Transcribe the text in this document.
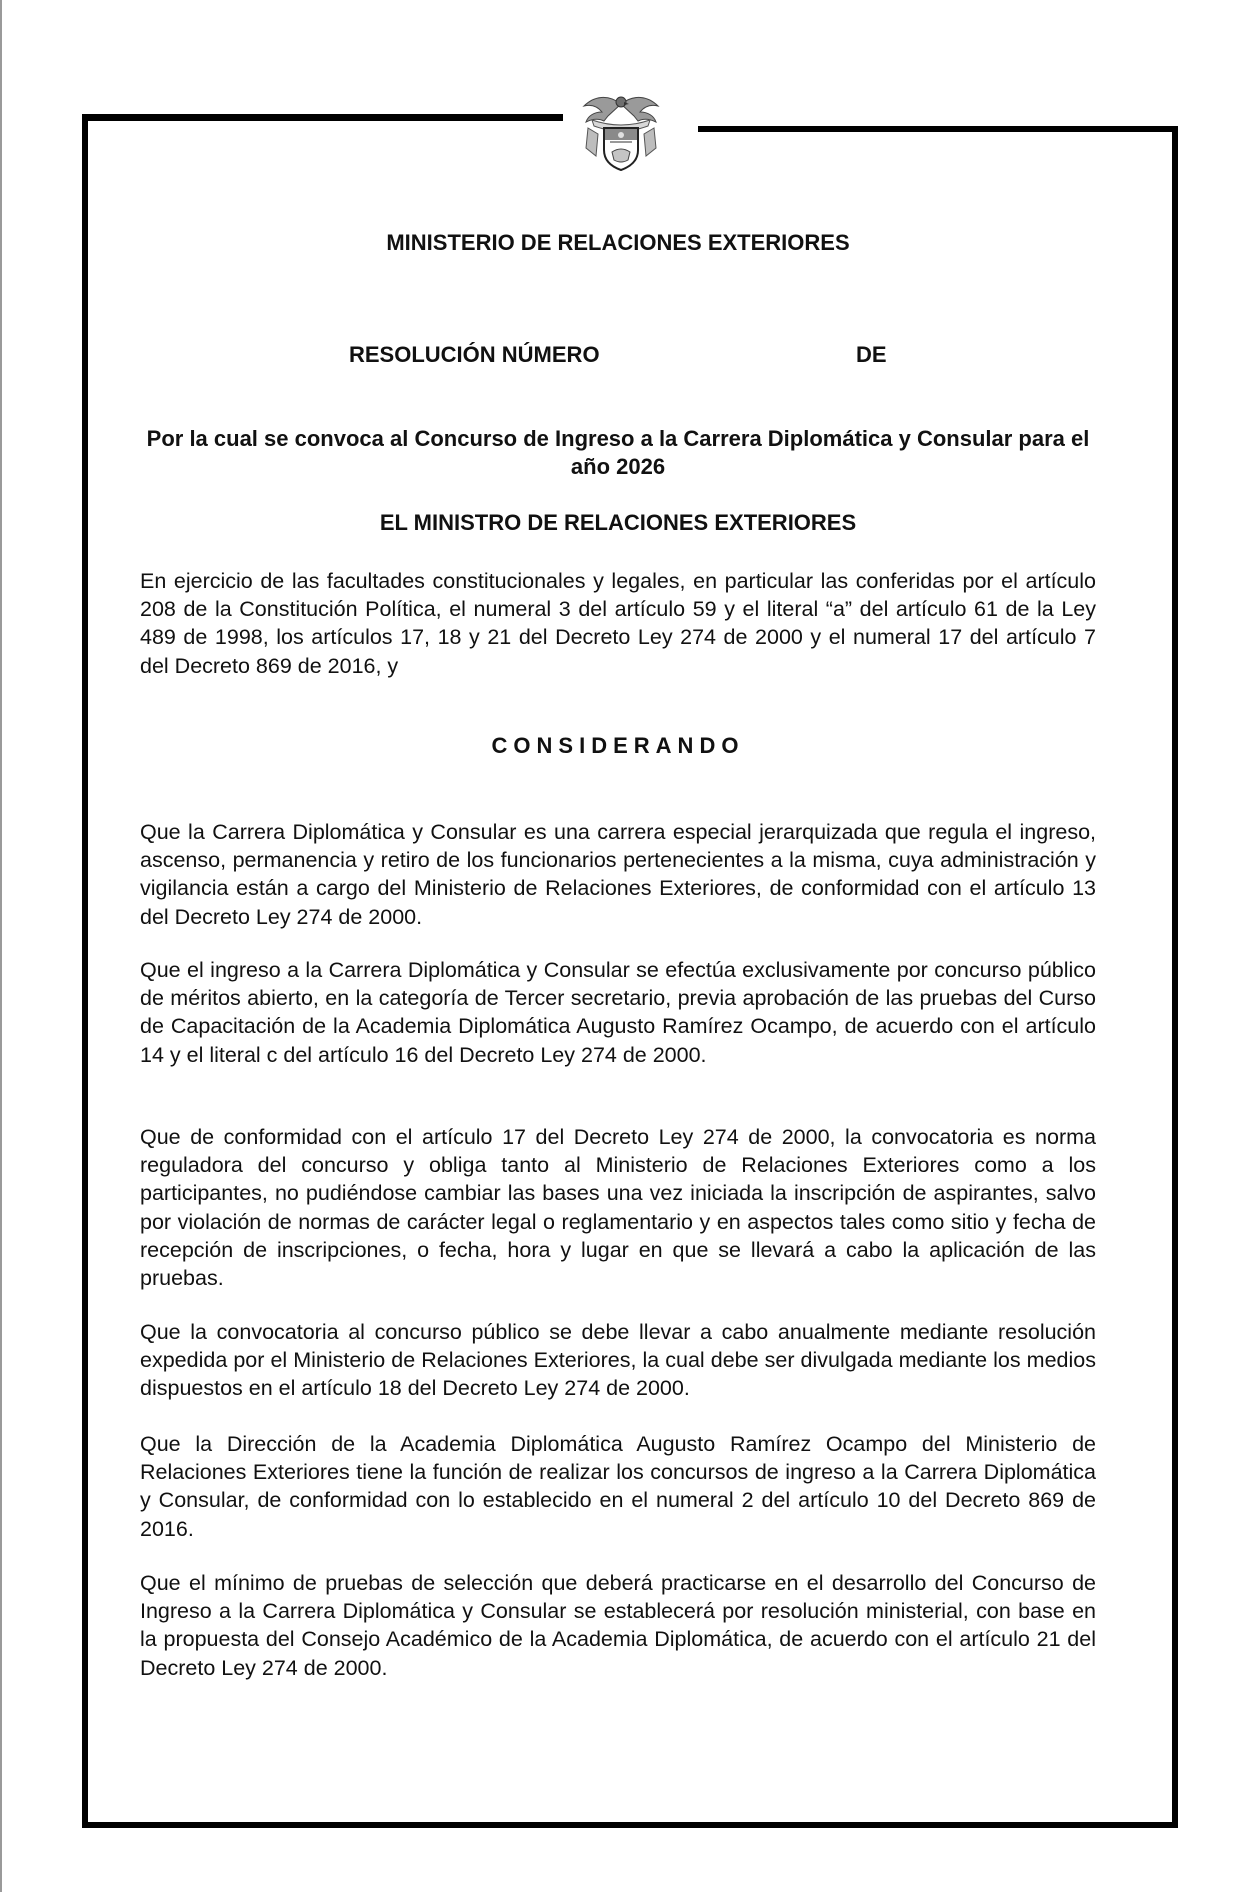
MINISTERIO DE RELACIONES EXTERIORES
RESOLUCIÓN NÚMERO	DE
Por la cual se convoca al Concurso de Ingreso a la Carrera Diplomática y Consular para el año 2026
EL MINISTRO DE RELACIONES EXTERIORES

En ejercicio de las facultades constitucionales y legales, en particular las conferidas por el artículo 208 de la Constitución Política, el numeral 3 del artículo 59 y el literal “a” del artículo 61 de la Ley 489 de 1998, los artículos 17, 18 y 21 del Decreto Ley 274 de 2000 y el numeral 17 del artículo 7 del Decreto 869 de 2016, y

CONSIDERANDO

Que la Carrera Diplomática y Consular es una carrera especial jerarquizada que regula el ingreso, ascenso, permanencia y retiro de los funcionarios pertenecientes a la misma, cuya administración y vigilancia están a cargo del Ministerio de Relaciones Exteriores, de conformidad con el artículo 13 del Decreto Ley 274 de 2000.

Que el ingreso a la Carrera Diplomática y Consular se efectúa exclusivamente por concurso público de méritos abierto, en la categoría de Tercer secretario, previa aprobación de las pruebas del Curso de Capacitación de la Academia Diplomática Augusto Ramírez Ocampo, de acuerdo con el artículo 14 y el literal c del artículo 16 del Decreto Ley 274 de 2000.

Que de conformidad con el artículo 17 del Decreto Ley 274 de 2000, la convocatoria es norma reguladora del concurso y obliga tanto al Ministerio de Relaciones Exteriores como a los participantes, no pudiéndose cambiar las bases una vez iniciada la inscripción de aspirantes, salvo por violación de normas de carácter legal o reglamentario y en aspectos tales como sitio y fecha de recepción de inscripciones, o fecha, hora y lugar en que se llevará a cabo la aplicación de las pruebas.

Que la convocatoria al concurso público se debe llevar a cabo anualmente mediante resolución expedida por el Ministerio de Relaciones Exteriores, la cual debe ser divulgada mediante los medios dispuestos en el artículo 18 del Decreto Ley 274 de 2000.

Que la Dirección de la Academia Diplomática Augusto Ramírez Ocampo del Ministerio de Relaciones Exteriores tiene la función de realizar los concursos de ingreso a la Carrera Diplomática y Consular, de conformidad con lo establecido en el numeral 2 del artículo 10 del Decreto 869 de 2016.

Que el mínimo de pruebas de selección que deberá practicarse en el desarrollo del Concurso de Ingreso a la Carrera Diplomática y Consular se establecerá por resolución ministerial, con base en la propuesta del Consejo Académico de la Academia Diplomática, de acuerdo con el artículo 21 del Decreto Ley 274 de 2000.
